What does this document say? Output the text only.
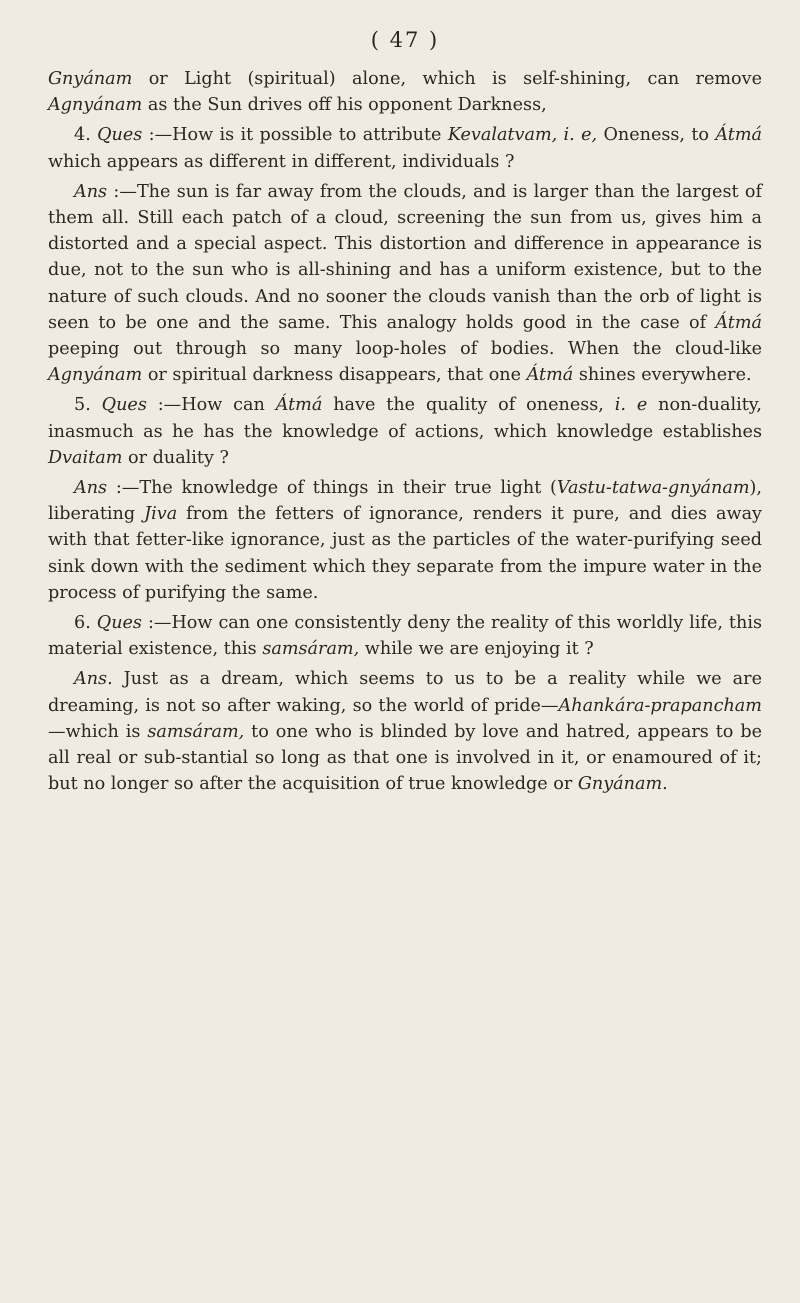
( 47 )

Gnyánam or Light (spiritual) alone, which is self-shining, can remove Agnyánam as the Sun drives off his opponent Darkness,

4. Ques :—How is it possible to attribute Kevalatvam, i. e, Oneness, to Átmá which appears as different in different, individuals ?

Ans :—The sun is far away from the clouds, and is larger than the largest of them all. Still each patch of a cloud, screening the sun from us, gives him a distorted and a special aspect. This distortion and difference in appearance is due, not to the sun who is all-shining and has a uniform existence, but to the nature of such clouds. And no sooner the clouds vanish than the orb of light is seen to be one and the same. This analogy holds good in the case of Átmá peeping out through so many loop-holes of bodies. When the cloud-like Agnyánam or spiritual darkness disappears, that one Átmá shines everywhere.

5. Ques :—How can Átmá have the quality of oneness, i. e non-duality, inasmuch as he has the knowledge of actions, which knowledge establishes Dvaitam or duality ?

Ans :—The knowledge of things in their true light (Vastu-tatwa-gnyánam), liberating Jiva from the fetters of ignorance, renders it pure, and dies away with that fetter-like ignorance, just as the particles of the water-purifying seed sink down with the sediment which they separate from the impure water in the process of purifying the same.

6. Ques :—How can one consistently deny the reality of this worldly life, this material existence, this samsáram, while we are enjoying it ?

Ans. Just as a dream, which seems to us to be a reality while we are dreaming, is not so after waking, so the world of pride—Ahankára-prapancham—which is samsáram, to one who is blinded by love and hatred, appears to be all real or sub-stantial so long as that one is involved in it, or enamoured of it; but no longer so after the acquisition of true knowledge or Gnyánam.
